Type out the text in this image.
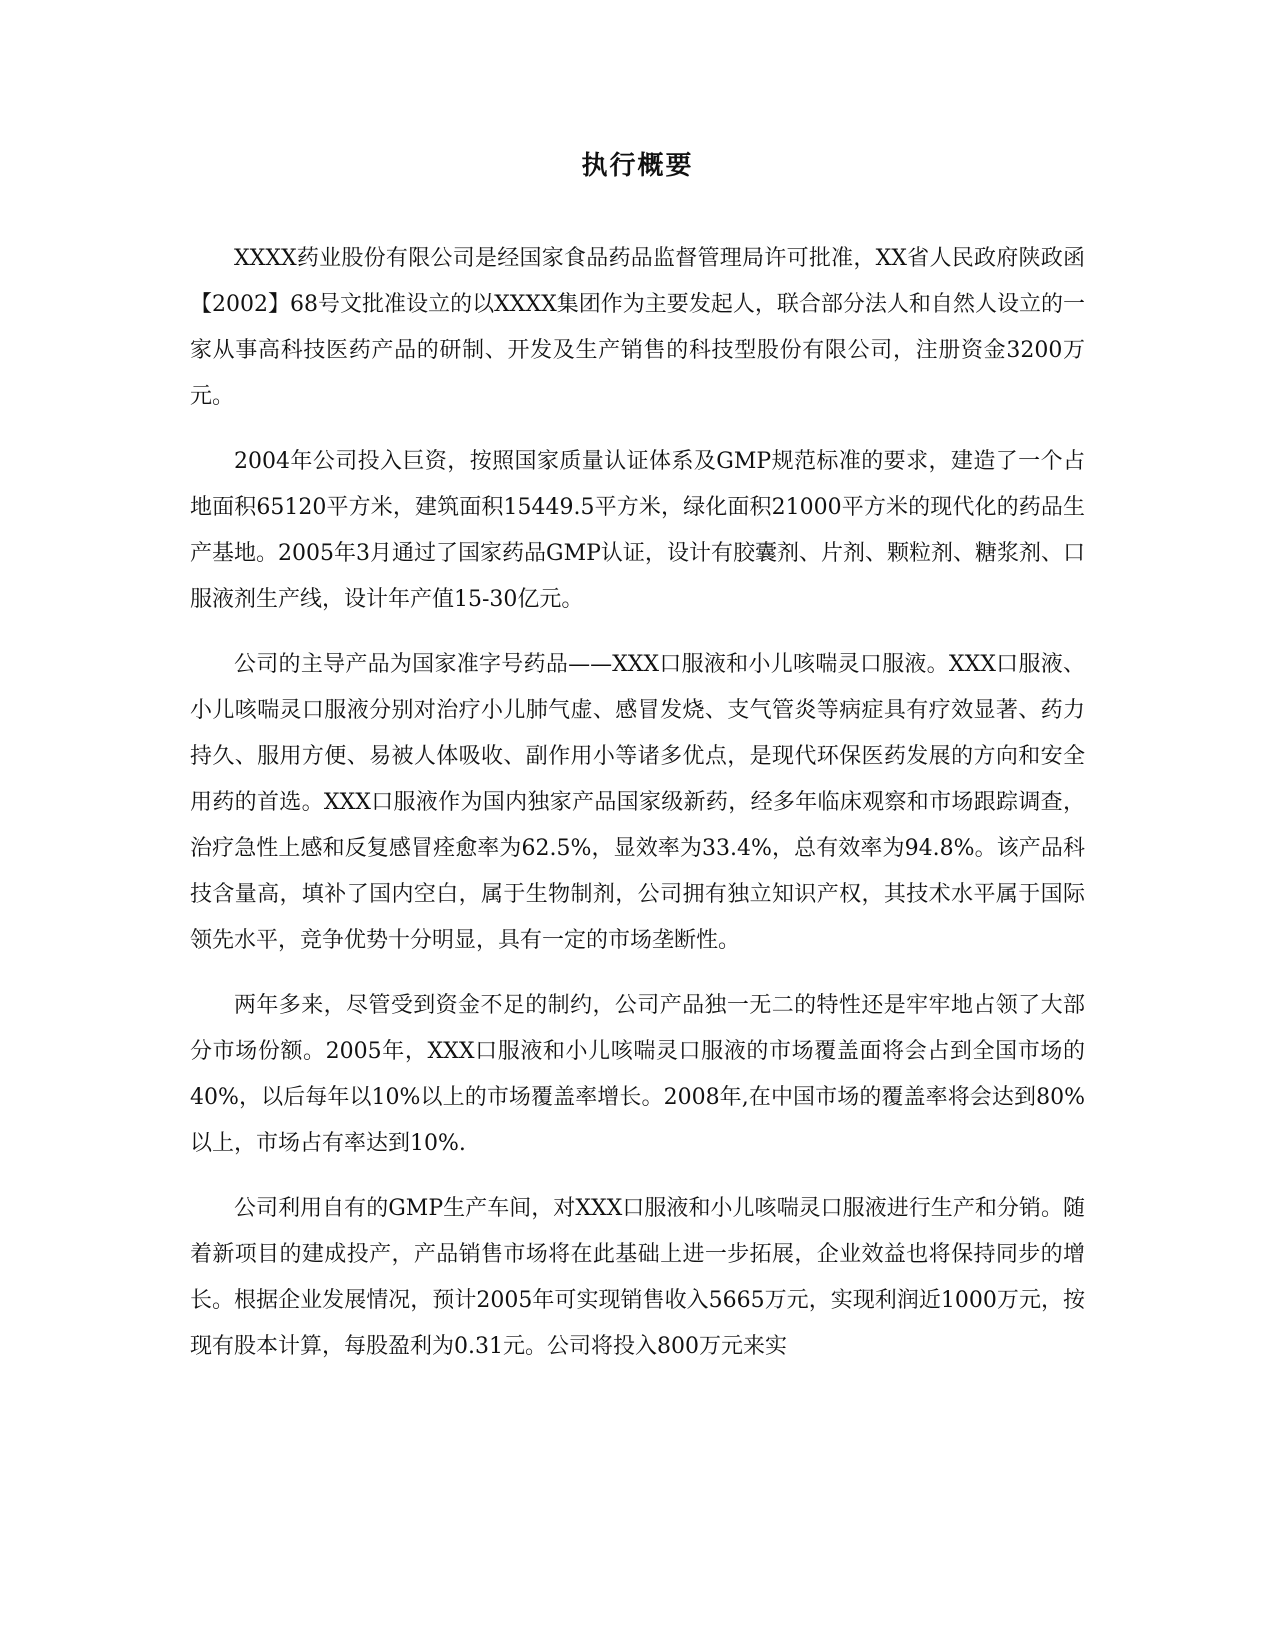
执行概要

XXXX药业股份有限公司是经国家食品药品监督管理局许可批准，XX省人民政府陕政函【2002】68号文批准设立的以XXXX集团作为主要发起人，联合部分法人和自然人设立的一家从事高科技医药产品的研制、开发及生产销售的科技型股份有限公司，注册资金3200万元。

2004年公司投入巨资，按照国家质量认证体系及GMP规范标准的要求，建造了一个占地面积65120平方米，建筑面积15449.5平方米，绿化面积21000平方米的现代化的药品生产基地。2005年3月通过了国家药品GMP认证，设计有胶囊剂、片剂、颗粒剂、糖浆剂、口服液剂生产线，设计年产值15-30亿元。

公司的主导产品为国家准字号药品——XXX口服液和小儿咳喘灵口服液。XXX口服液、小儿咳喘灵口服液分别对治疗小儿肺气虚、感冒发烧、支气管炎等病症具有疗效显著、药力持久、服用方便、易被人体吸收、副作用小等诸多优点，是现代环保医药发展的方向和安全用药的首选。XXX口服液作为国内独家产品国家级新药，经多年临床观察和市场跟踪调查，治疗急性上感和反复感冒痊愈率为62.5%，显效率为33.4%，总有效率为94.8%。该产品科技含量高，填补了国内空白，属于生物制剂，公司拥有独立知识产权，其技术水平属于国际领先水平，竞争优势十分明显，具有一定的市场垄断性。

两年多来，尽管受到资金不足的制约，公司产品独一无二的特性还是牢牢地占领了大部分市场份额。2005年，XXX口服液和小儿咳喘灵口服液的市场覆盖面将会占到全国市场的40%，以后每年以10%以上的市场覆盖率增长。2008年,在中国市场的覆盖率将会达到80%以上，市场占有率达到10%.

公司利用自有的GMP生产车间，对XXX口服液和小儿咳喘灵口服液进行生产和分销。随着新项目的建成投产，产品销售市场将在此基础上进一步拓展，企业效益也将保持同步的增长。根据企业发展情况，预计2005年可实现销售收入5665万元，实现利润近1000万元，按现有股本计算，每股盈利为0.31元。公司将投入800万元来实
